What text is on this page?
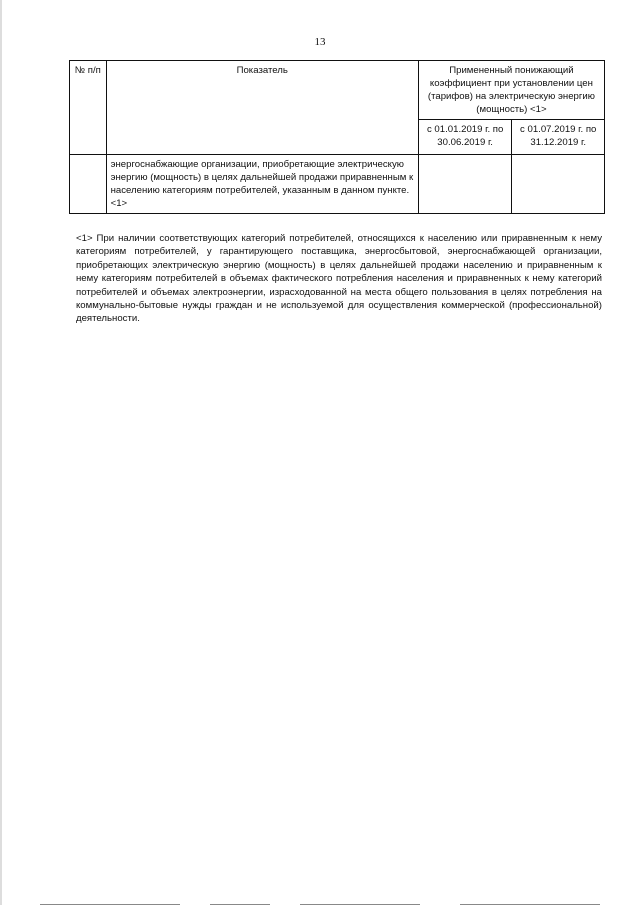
13
№ п/п	Показатель	Примененный понижающий коэффициент при установлении цен (тарифов) на электрическую энергию (мощность) <1>	
		с 01.01.2019 г. по 30.06.2019 г.	с 01.07.2019 г. по 31.12.2019 г.
	энергоснабжающие организации, приобретающие электрическую энергию (мощность) в целях дальнейшей продажи приравненным к населению категориям потребителей, указанным в данном пункте. <1>		
<1> При наличии соответствующих категорий потребителей, относящихся к населению или приравненным к нему категориям потребителей, у гарантирующего поставщика, энергосбытовой, энергоснабжающей организации, приобретающих электрическую энергию (мощность) в целях дальнейшей продажи населению и приравненным к нему категориям потребителей в объемах фактического потребления населения и приравненных к нему категорий потребителей и объемах электроэнергии, израсходованной на места общего пользования в целях потребления на коммунально-бытовые нужды граждан и не используемой для осуществления коммерческой (профессиональной) деятельности.
